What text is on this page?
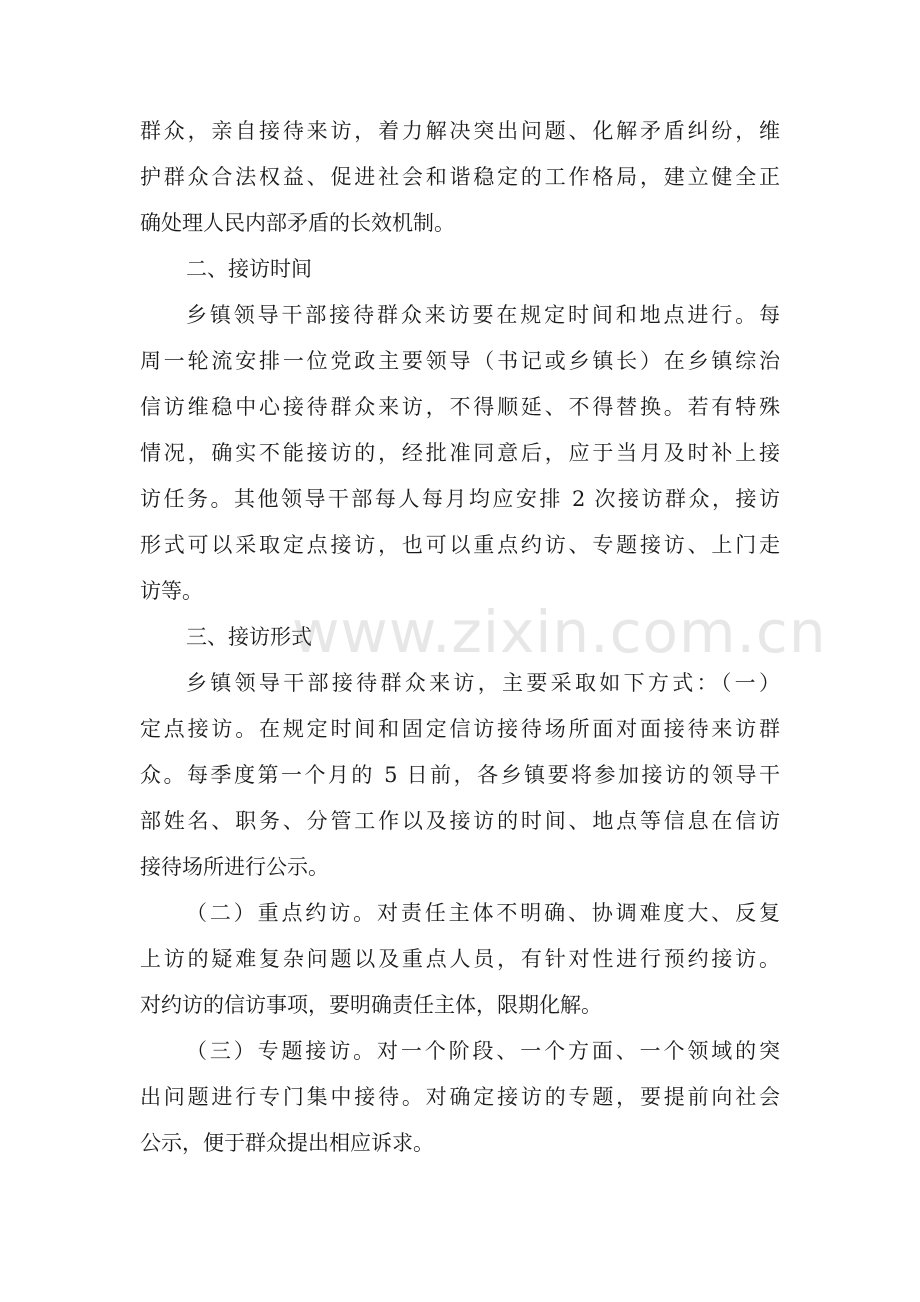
群众，亲自接待来访，着力解决突出问题、化解矛盾纠纷，维
护群众合法权益、促进社会和谐稳定的工作格局，建立健全正
确处理人民内部矛盾的长效机制。
二、接访时间
乡镇领导干部接待群众来访要在规定时间和地点进行。每
周一轮流安排一位党政主要领导（书记或乡镇长）在乡镇综治
信访维稳中心接待群众来访，不得顺延、不得替换。若有特殊
情况，确实不能接访的，经批准同意后，应于当月及时补上接
访任务。其他领导干部每人每月均应安排 2 次接访群众，接访
形式可以采取定点接访，也可以重点约访、专题接访、上门走
访等。
三、接访形式
乡镇领导干部接待群众来访，主要采取如下方式：（一）
定点接访。在规定时间和固定信访接待场所面对面接待来访群
众。每季度第一个月的 5 日前，各乡镇要将参加接访的领导干
部姓名、职务、分管工作以及接访的时间、地点等信息在信访
接待场所进行公示。
（二）重点约访。对责任主体不明确、协调难度大、反复
上访的疑难复杂问题以及重点人员，有针对性进行预约接访。
对约访的信访事项，要明确责任主体，限期化解。
（三）专题接访。对一个阶段、一个方面、一个领域的突
出问题进行专门集中接待。对确定接访的专题，要提前向社会
公示，便于群众提出相应诉求。
www.zixin.com.cn
